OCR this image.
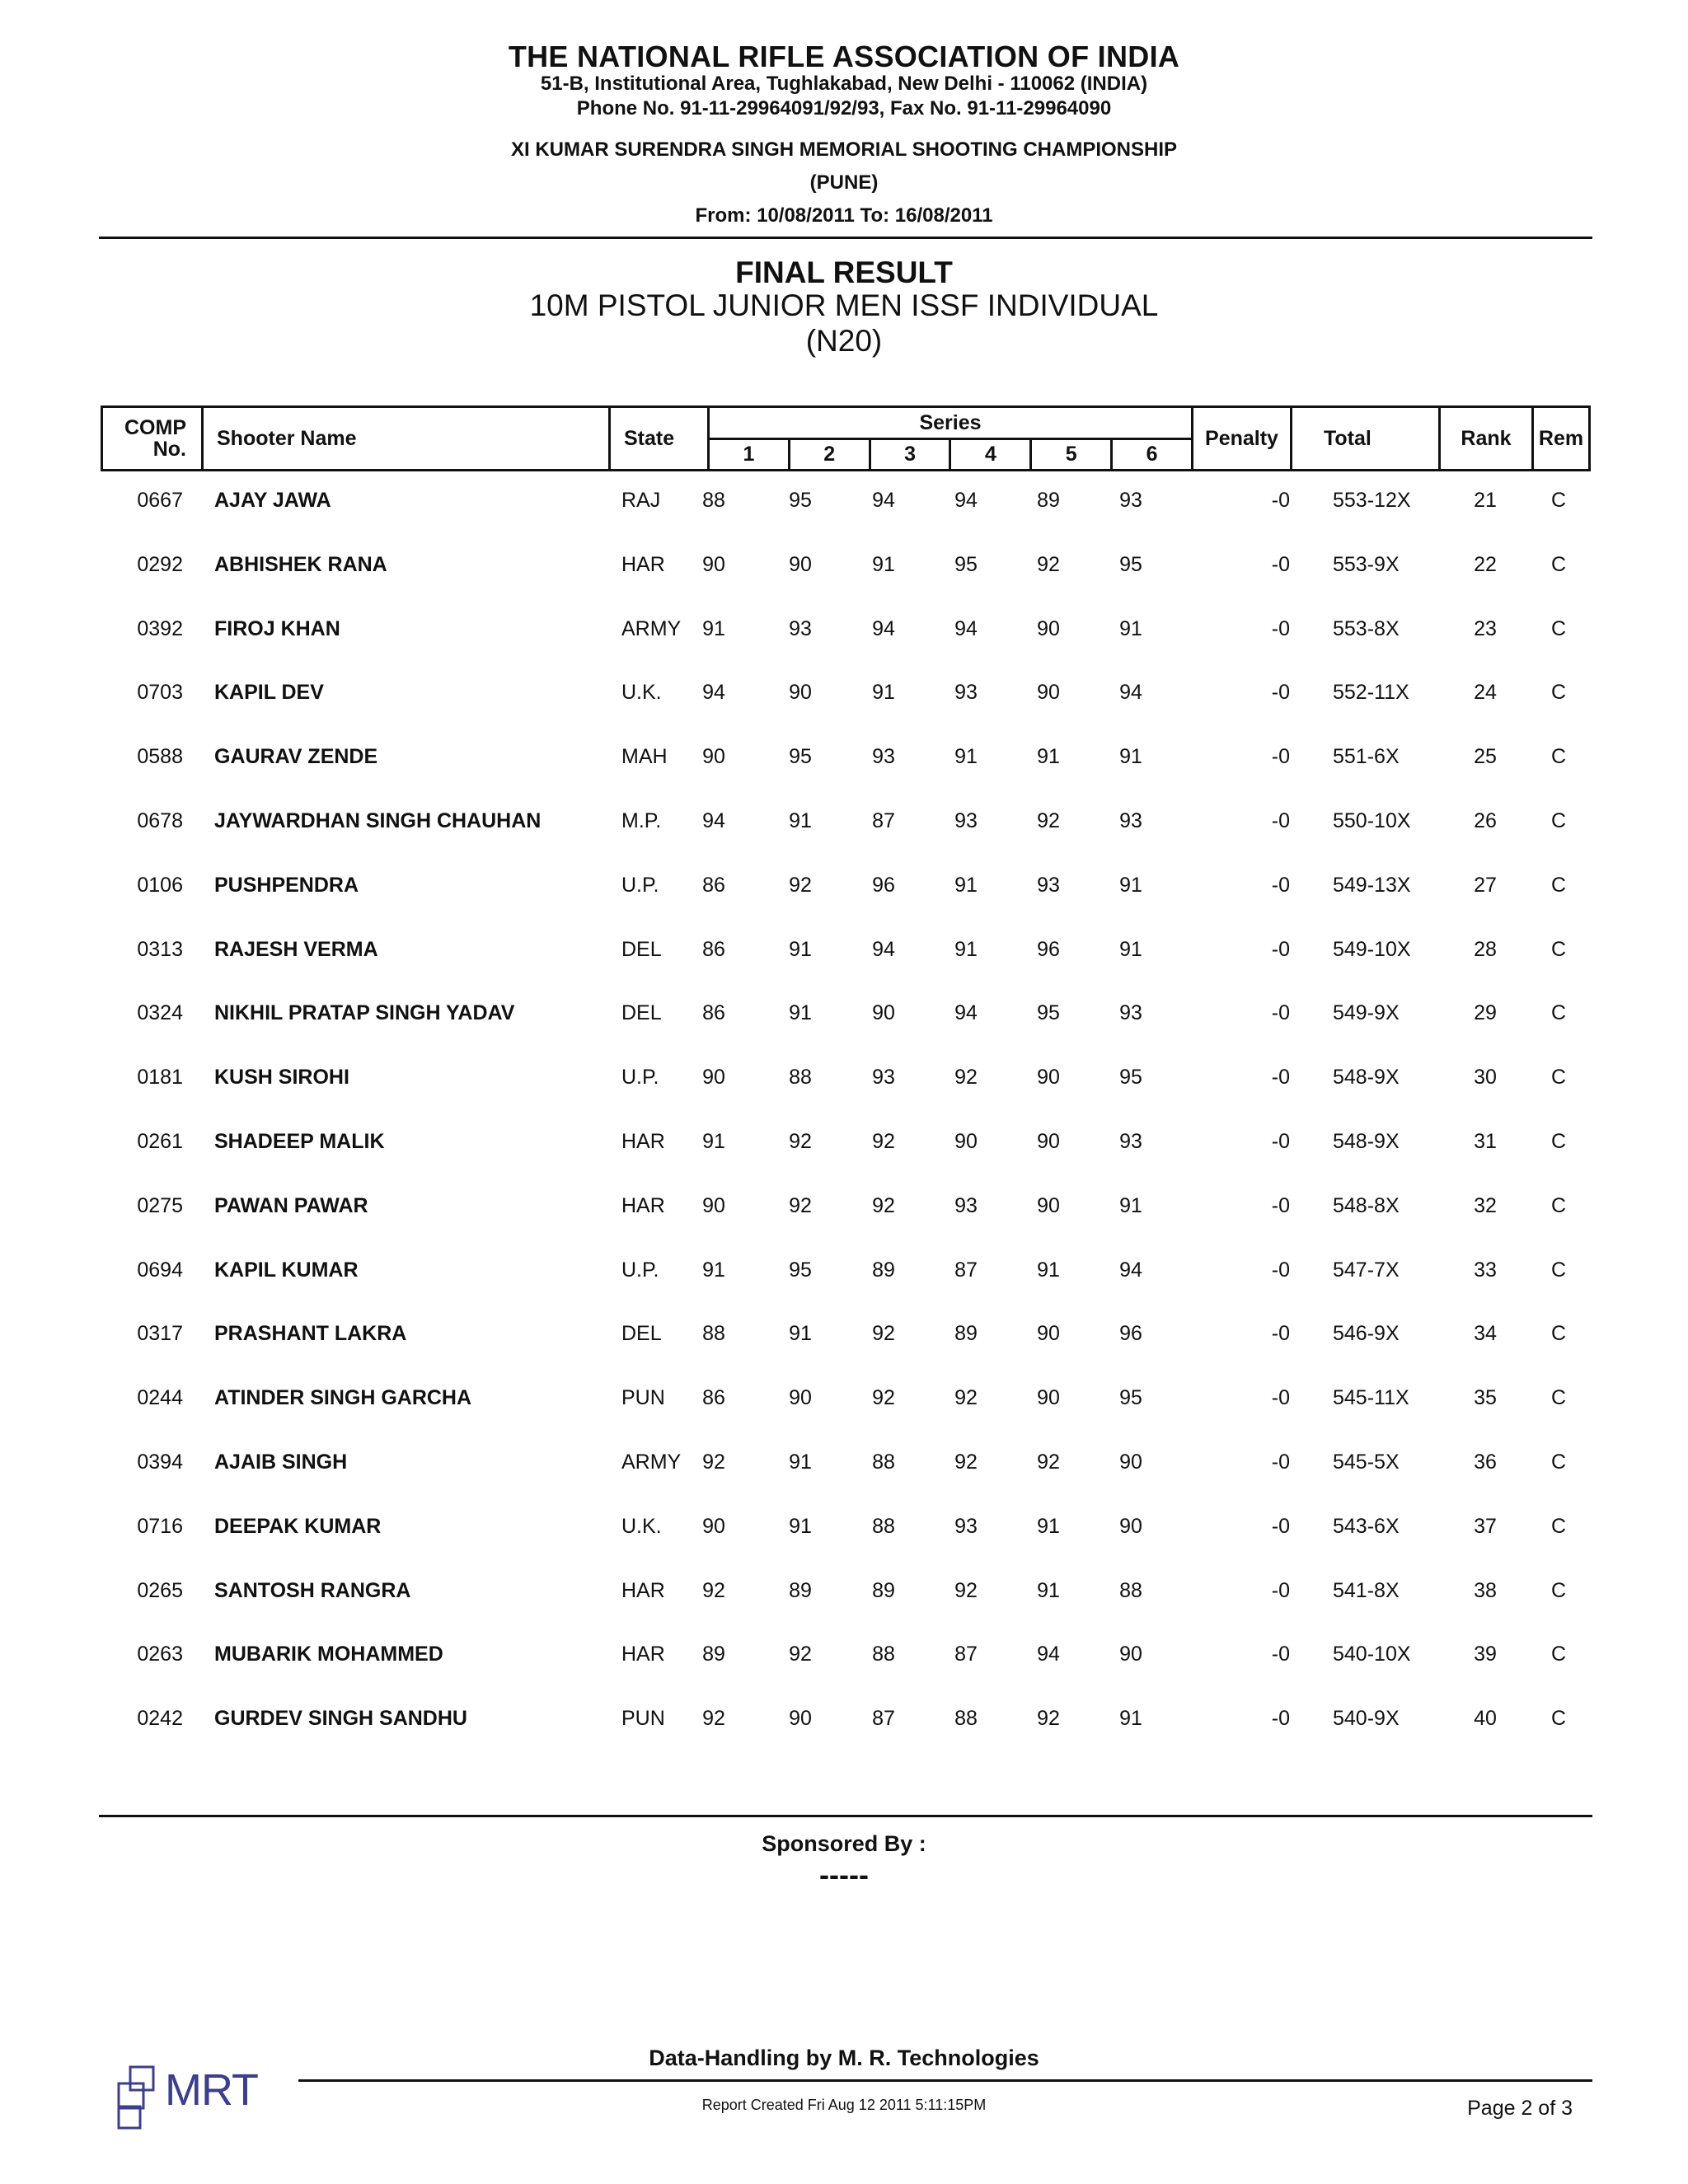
THE NATIONAL RIFLE ASSOCIATION OF INDIA
51-B, Institutional Area, Tughlakabad, New Delhi - 110062 (INDIA)
Phone No. 91-11-29964091/92/93, Fax No. 91-11-29964090
XI KUMAR SURENDRA SINGH MEMORIAL SHOOTING CHAMPIONSHIP
(PUNE)
From: 10/08/2011 To: 16/08/2011
FINAL RESULT
10M PISTOL JUNIOR MEN ISSF INDIVIDUAL
(N20)
COMP
No.	Shooter Name	State
Series
1	2	3	4	5	6
Penalty	Total	Rank	Rem
0667 AJAY JAWA	RAJ	88	95	94	94	89	93	-0 553-12X	21	C
0292 ABHISHEK RANA	HAR	90	90	91	95	92	95	-0 553-9X	22	C
0392 FIROJ KHAN	ARMY	91	93	94	94	90	91	-0 553-8X	23	C
0703 KAPIL DEV	U.K.	94	90	91	93	90	94	-0 552-11X	24	C
0588 GAURAV ZENDE	MAH	90	95	93	91	91	91	-0 551-6X	25	C
0678 JAYWARDHAN SINGH CHAUHAN	M.P.	94	91	87	93	92	93	-0 550-10X	26	C
0106 PUSHPENDRA	U.P.	86	92	96	91	93	91	-0 549-13X	27	C
0313 RAJESH VERMA	DEL	86	91	94	91	96	91	-0 549-10X	28	C
0324 NIKHIL PRATAP SINGH YADAV	DEL	86	91	90	94	95	93	-0 549-9X	29	C
0181 KUSH SIROHI	U.P.	90	88	93	92	90	95	-0 548-9X	30	C
0261 SHADEEP MALIK	HAR	91	92	92	90	90	93	-0 548-9X	31	C
0275 PAWAN PAWAR	HAR	90	92	92	93	90	91	-0 548-8X	32	C
0694 KAPIL KUMAR	U.P.	91	95	89	87	91	94	-0 547-7X	33	C
0317 PRASHANT LAKRA	DEL	88	91	92	89	90	96	-0 546-9X	34	C
0244 ATINDER SINGH GARCHA	PUN	86	90	92	92	90	95	-0 545-11X	35	C
0394 AJAIB SINGH	ARMY	92	91	88	92	92	90	-0 545-5X	36	C
0716 DEEPAK KUMAR	U.K.	90	91	88	93	91	90	-0 543-6X	37	C
0265 SANTOSH RANGRA	HAR	92	89	89	92	91	88	-0 541-8X	38	C
0263 MUBARIK MOHAMMED	HAR	89	92	88	87	94	90	-0 540-10X	39	C
0242 GURDEV SINGH SANDHU	PUN	92	90	87	88	92	91	-0 540-9X	40	C
Sponsored By :
-----
MRT
Data-Handling by M. R. Technologies
Report Created Fri Aug 12 2011 5:11:15PM	Page 2 of 3
